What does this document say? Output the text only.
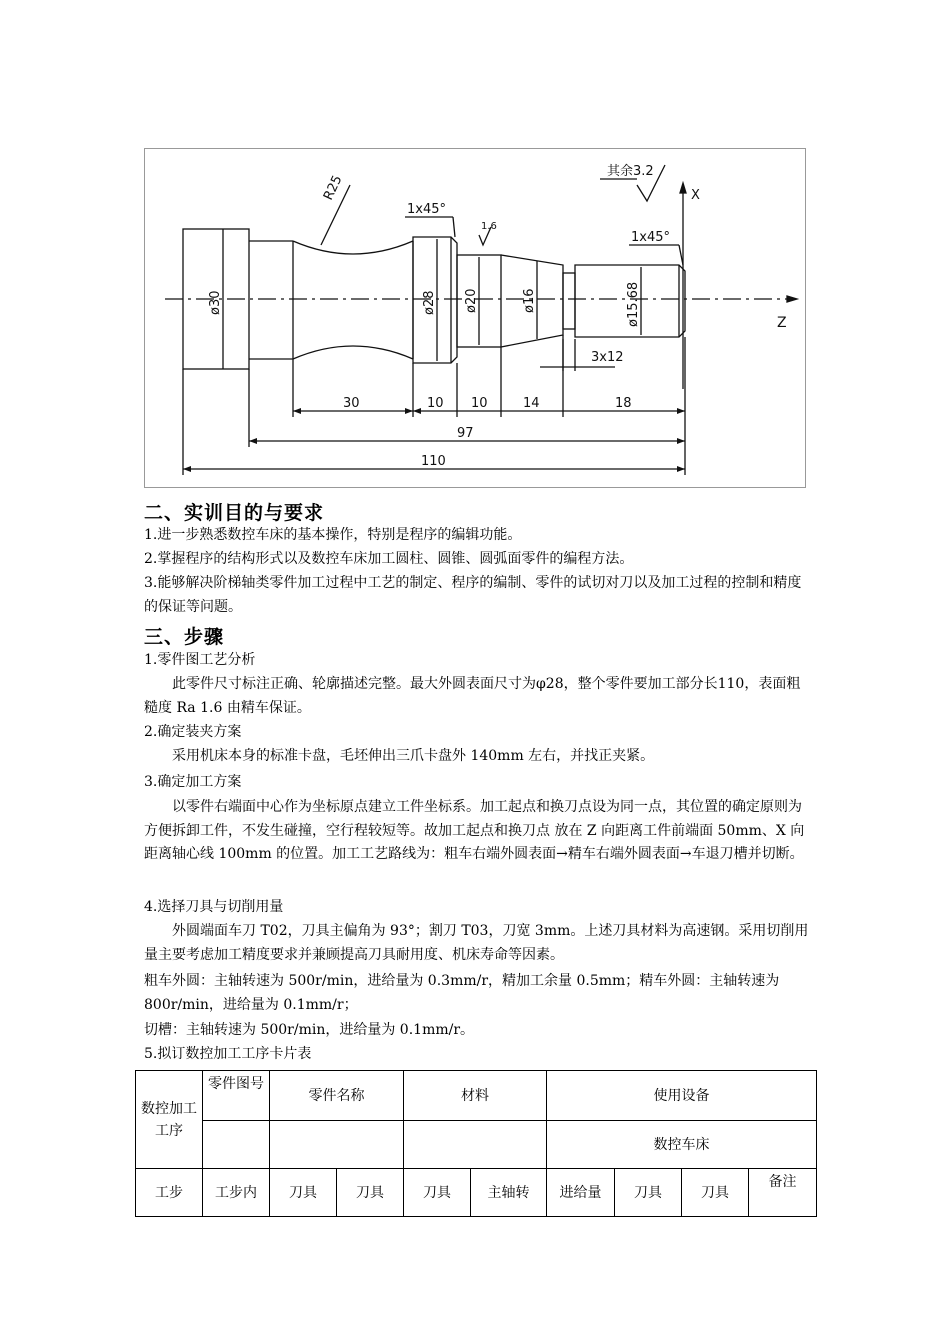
其余3.2
X
Z
R25
1x45°
1x45°
1.6
ø30	ø28 ø20	ø16	ø15.68
3x12
30	10 10	14	18
97
110
二、实训目的与要求

1.进一步熟悉数控车床的基本操作，特别是程序的编辑功能。

2.掌握程序的结构形式以及数控车床加工圆柱、圆锥、圆弧面零件的编程方法。

3.能够解决阶梯轴类零件加工过程中工艺的制定、程序的编制、零件的试切对刀以及加工过程的控制和精度的保证等问题。

三、步骤

1.零件图工艺分析

此零件尺寸标注正确、轮廓描述完整。最大外圆表面尺寸为φ28，整个零件要加工部分长110，表面粗糙度 Ra 1.6 由精车保证。

2.确定装夹方案

采用机床本身的标准卡盘，毛坯伸出三爪卡盘外 140mm 左右，并找正夹紧。

3.确定加工方案

以零件右端面中心作为坐标原点建立工件坐标系。加工起点和换刀点设为同一点，其位置的确定原则为方便拆卸工件，不发生碰撞，空行程较短等。故加工起点和换刀点 放在 Z 向距离工件前端面 50mm、X 向距离轴心线 100mm 的位置。加工工艺路线为：粗车右端外圆表面→精车右端外圆表面→车退刀槽并切断。

4.选择刀具与切削用量

外圆端面车刀 T02，刀具主偏角为 93°；割刀 T03，刀宽 3mm。上述刀具材料为高速钢。采用切削用量主要考虑加工精度要求并兼顾提高刀具耐用度、机床寿命等因素。

粗车外圆：主轴转速为 500r/min，进给量为 0.3mm/r，精加工余量 0.5mm；精车外圆：主轴转速为 800r/min，进给量为 0.1mm/r；

切槽：主轴转速为 500r/min，进给量为 0.1mm/r。

5.拟订数控加工工序卡片表

数控加工工序	零件图号	零件名称		材料		使用设备			
						数控车床			
工步	工步内	刀具	刀具	刀具	主轴转	进给量	刀具	刀具	备注
